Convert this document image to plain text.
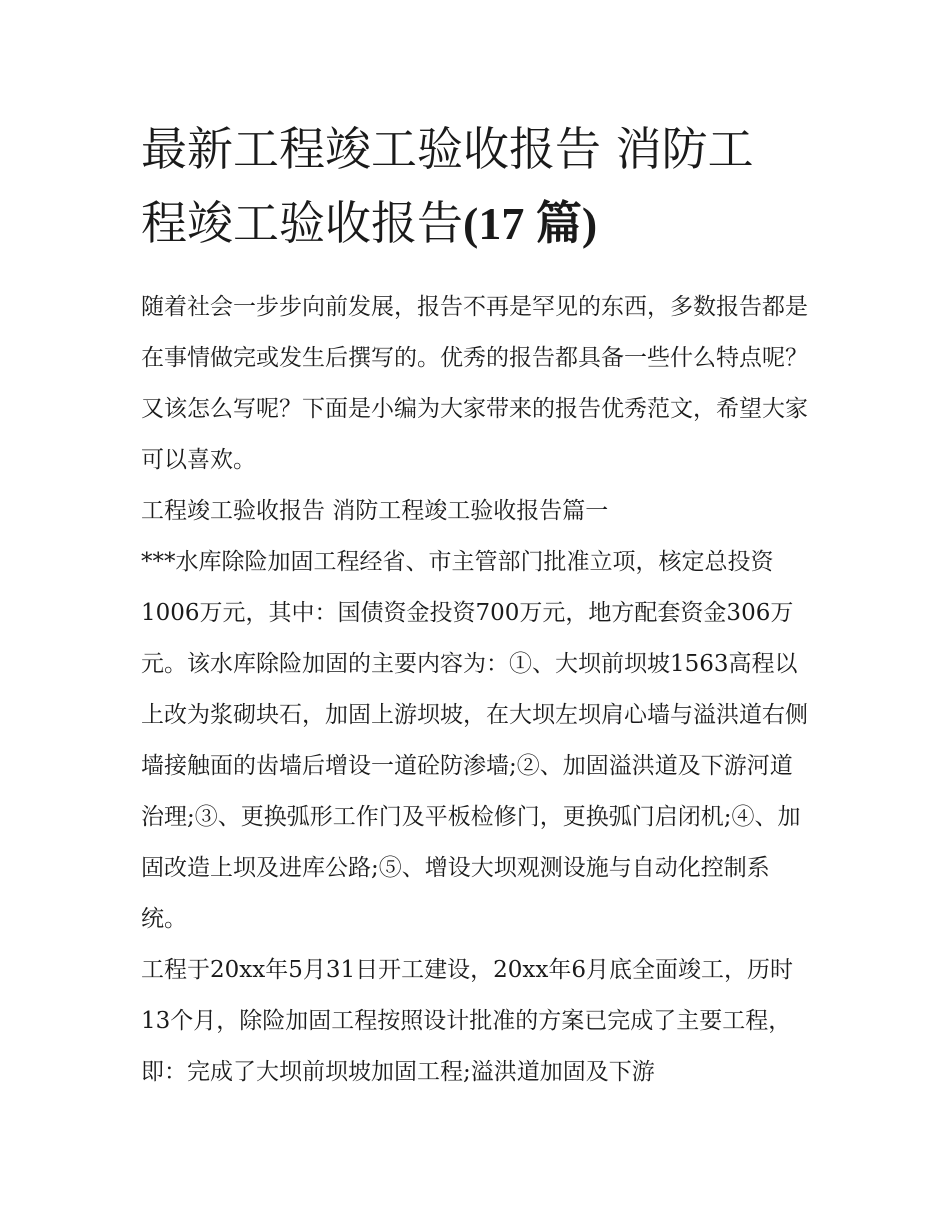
最新工程竣工验收报告 消防工
程竣工验收报告(17 篇)

随着社会一步步向前发展，报告不再是罕见的东西，多数报告都是在事情做完或发生后撰写的。优秀的报告都具备一些什么特点呢？又该怎么写呢？下面是小编为大家带来的报告优秀范文，希望大家可以喜欢。

工程竣工验收报告 消防工程竣工验收报告篇一

***水库除险加固工程经省、市主管部门批准立项，核定总投资1006万元，其中：国债资金投资700万元，地方配套资金306万元。该水库除险加固的主要内容为：①、大坝前坝坡1563高程以上改为浆砌块石，加固上游坝坡，在大坝左坝肩心墙与溢洪道右侧墙接触面的齿墙后增设一道砼防渗墙;②、加固溢洪道及下游河道治理;③、更换弧形工作门及平板检修门，更换弧门启闭机;④、加固改造上坝及进库公路;⑤、增设大坝观测设施与自动化控制系统。

工程于20xx年5月31日开工建设，20xx年6月底全面竣工，历时13个月，除险加固工程按照设计批准的方案已完成了主要工程，即：完成了大坝前坝坡加固工程;溢洪道加固及下游
